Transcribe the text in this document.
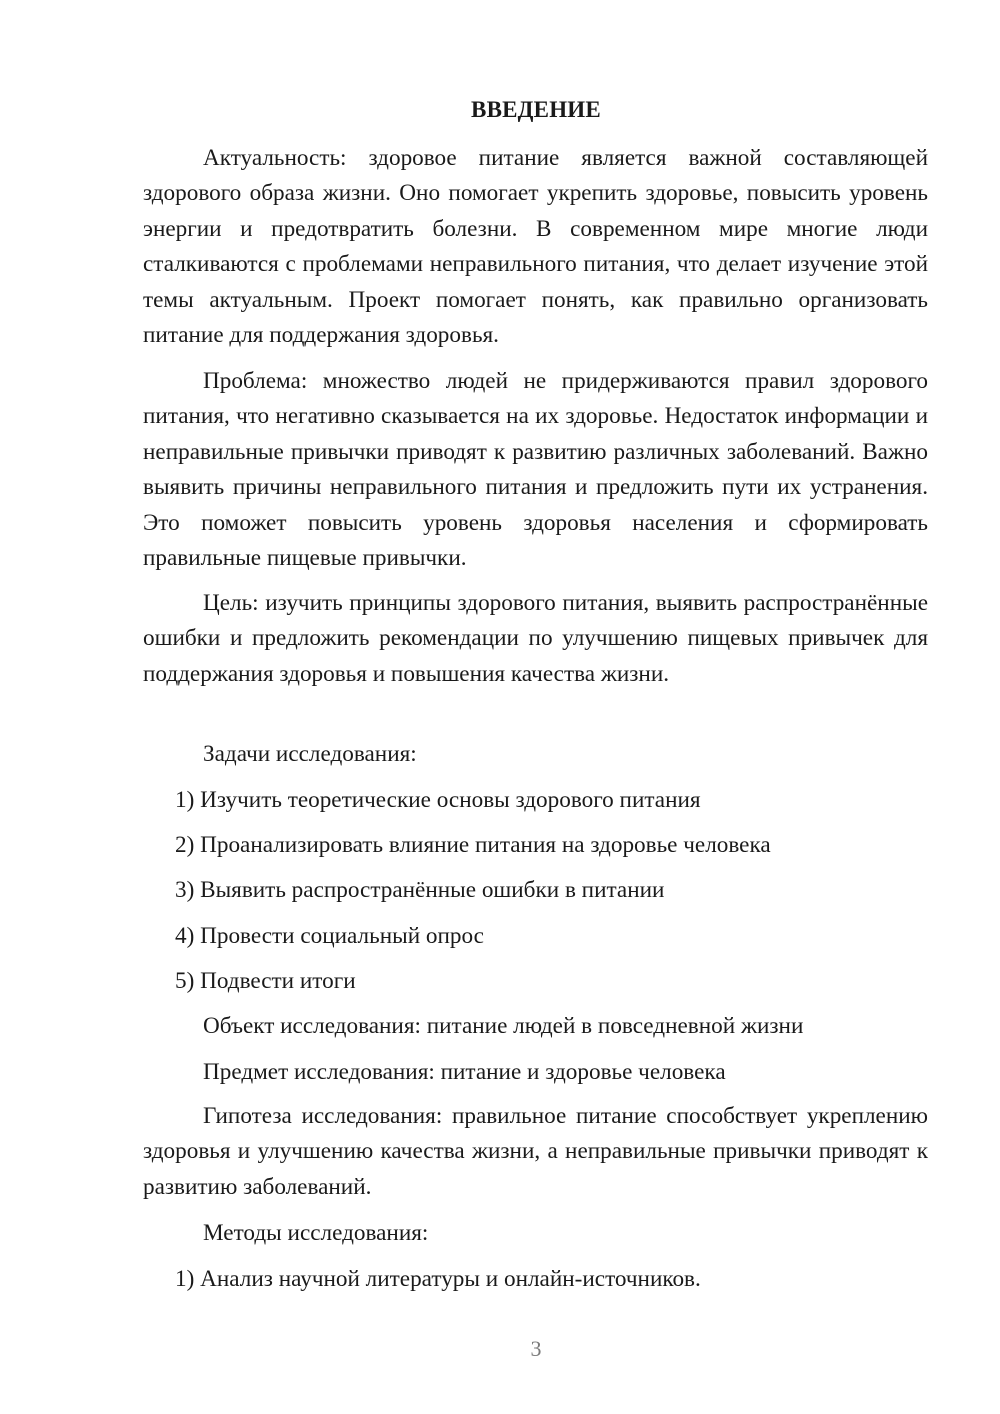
ВВЕДЕНИЕ

Актуальность: здоровое питание является важной составляющей здорового образа жизни. Оно помогает укрепить здоровье, повысить уровень энергии и предотвратить болезни. В современном мире многие люди сталкиваются с проблемами неправильного питания, что делает изучение этой темы актуальным. Проект помогает понять, как правильно организовать питание для поддержания здоровья.

Проблема: множество людей не придерживаются правил здорового питания, что негативно сказывается на их здоровье. Недостаток информации и неправильные привычки приводят к развитию различных заболеваний. Важно выявить причины неправильного питания и предложить пути их устранения. Это поможет повысить уровень здоровья населения и сформировать правильные пищевые привычки.

Цель: изучить принципы здорового питания, выявить распространённые ошибки и предложить рекомендации по улучшению пищевых привычек для поддержания здоровья и повышения качества жизни.

Задачи исследования:
1) Изучить теоретические основы здорового питания
2) Проанализировать влияние питания на здоровье человека
3) Выявить распространённые ошибки в питании
4) Провести социальный опрос
5) Подвести итоги
Объект исследования: питание людей в повседневной жизни
Предмет исследования: питание и здоровье человека

Гипотеза исследования: правильное питание способствует укреплению здоровья и улучшению качества жизни, а неправильные привычки приводят к развитию заболеваний.

Методы исследования:
1) Анализ научной литературы и онлайн-источников.
3
